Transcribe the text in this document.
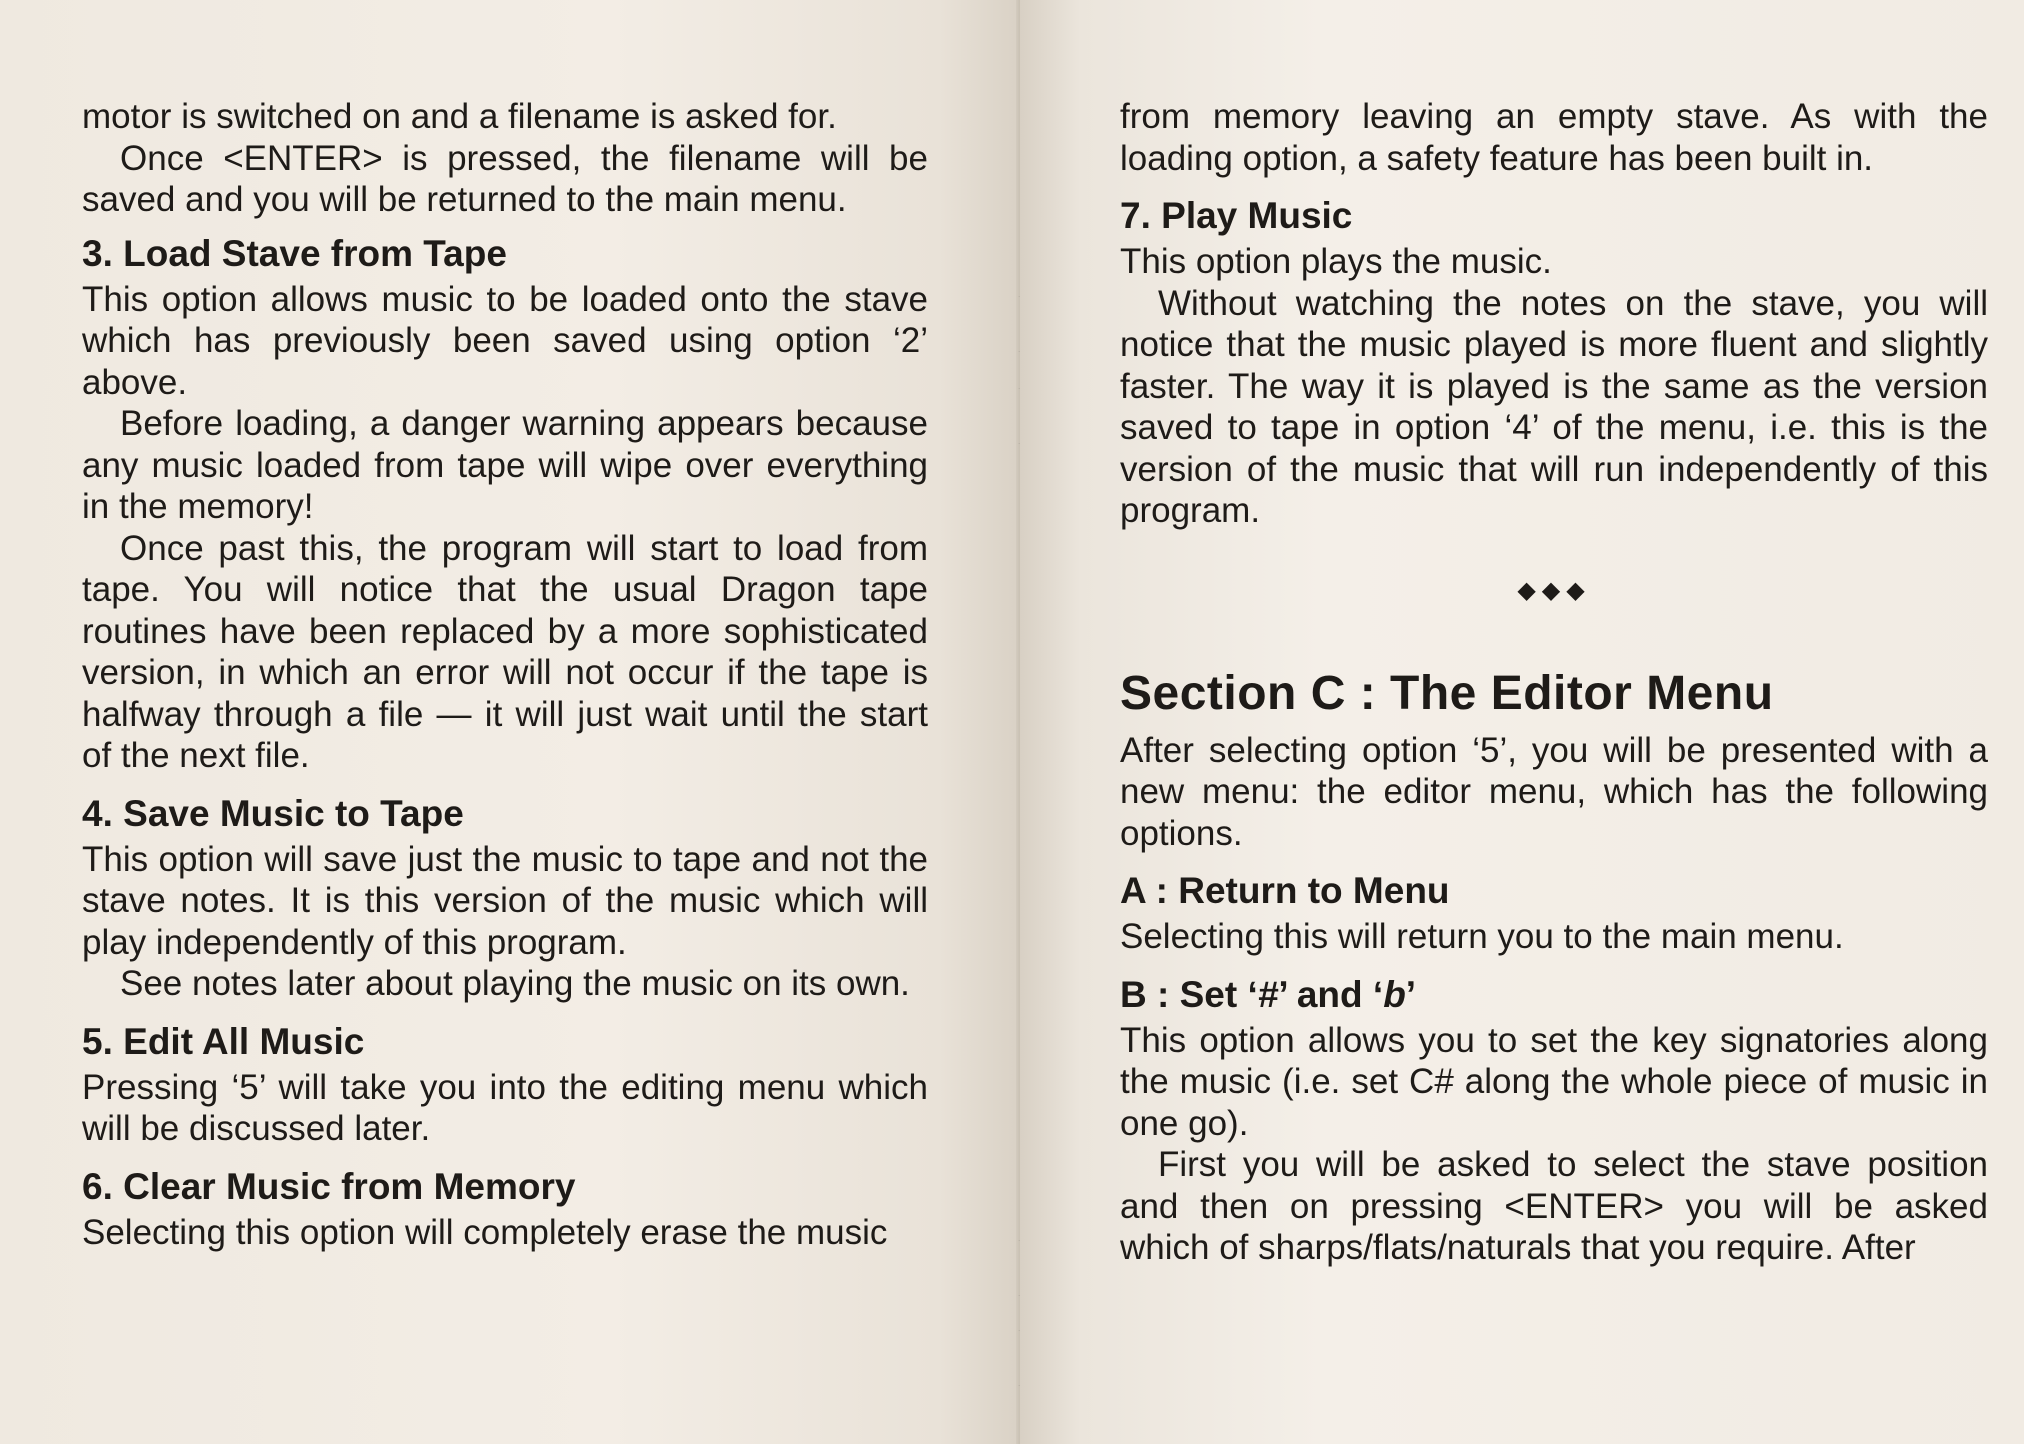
motor is switched on and a filename is asked for.

Once <ENTER> is pressed, the filename will be saved and you will be returned to the main menu.

3. Load Stave from Tape

This option allows music to be loaded onto the stave which has previously been saved using option ‘2’ above.

Before loading, a danger warning appears because any music loaded from tape will wipe over everything in the memory!

Once past this, the program will start to load from tape. You will notice that the usual Dragon tape routines have been replaced by a more sophisticated version, in which an error will not occur if the tape is halfway through a file — it will just wait until the start of the next file.

4. Save Music to Tape

This option will save just the music to tape and not the stave notes. It is this version of the music which will play independently of this program.

See notes later about playing the music on its own.

5. Edit All Music

Pressing ‘5’ will take you into the editing menu which will be discussed later.

6. Clear Music from Memory

Selecting this option will completely erase the music

from memory leaving an empty stave. As with the loading option, a safety feature has been built in.

7. Play Music

This option plays the music.

Without watching the notes on the stave, you will notice that the music played is more fluent and slightly faster. The way it is played is the same as the version saved to tape in option ‘4’ of the menu, i.e. this is the version of the music that will run independently of this program.

◆◆◆
Section C : The Editor Menu

After selecting option ‘5’, you will be presented with a new menu: the editor menu, which has the following options.

A : Return to Menu

Selecting this will return you to the main menu.

B : Set ‘#’ and ‘b’

This option allows you to set the key signatories along the music (i.e. set C# along the whole piece of music in one go).

First you will be asked to select the stave position and then on pressing <ENTER> you will be asked which of sharps/flats/naturals that you require. After
